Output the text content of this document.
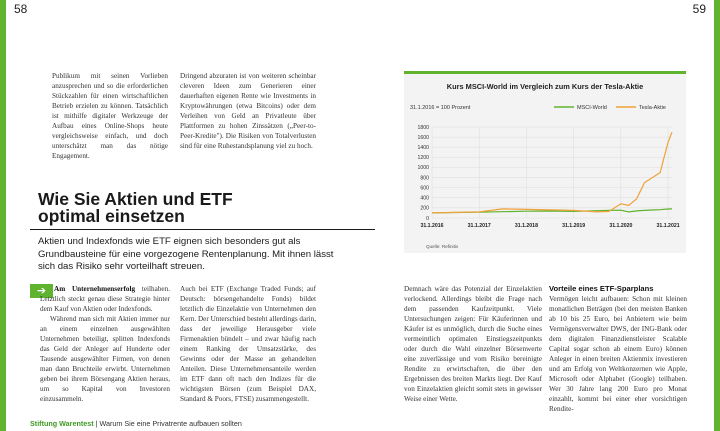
58	59

Publikum mit seinen Vorlieben anzusprechen und so die erforderlichen Stückzahlen für einen wirtschaftlichen Betrieb erzielen zu können. Tatsächlich ist mithilfe digitaler Werkzeuge der Aufbau eines Online-Shops heute vergleichsweise einfach, und doch unterschätzt man das nötige Engagement.

Dringend abzuraten ist von weiteren scheinbar cleveren Ideen zum Generieren einer dauerhaften eigenen Rente wie Investments in Kryptowährungen (etwa Bitcoins) oder dem Verleihen von Geld an Privatleute über Plattformen zu hohen Zinssätzen („Peer-to-Peer-Kredite"). Die Risiken von Totalverlusten sind für eine Ruhestandsplanung viel zu hoch.

Wie Sie Aktien und ETF
optimal einsetzen
Aktien und Indexfonds wie ETF eignen sich besonders gut als Grundbausteine für eine vorgezogene Rentenplanung. Mit ihnen lässt sich das Risiko sehr vorteilhaft streuen.
Kurs MSCI-World im Vergleich zum Kurs der Tesla-Aktie
31.1.2016 = 100 Prozent	MSCI-World	Tesla-Aktie
0
200
400
600
800
1000
1200
1400
1600
1800
31.1.2016	31.1.2017	31.1.2018	31.1.2019	31.1.2020	31.1.2021
Quelle: Refinitiv
➔	Am Unternehmenserfolg teilhaben. Letztlich steckt genau diese Strategie hinter dem Kauf von Aktien oder Indexfonds.

Während man sich mit Aktien immer nur an einem einzelnen ausgewählten Unternehmen beteiligt, splitten Indexfonds das Geld der Anleger auf Hunderte oder Tausende ausgewählter Firmen, von denen man dann Bruchteile erwirbt. Unternehmen geben bei ihrem Börsengang Aktien heraus, um so Kapital von Investoren einzusammeln.

Auch bei ETF (Exchange Traded Funds; auf Deutsch: börsengehandelte Fonds) bildet letztlich die Einzelaktie von Unternehmen den Kern. Der Unterschied besteht allerdings darin, dass der jeweilige Herausgeber viele Firmenaktien bündelt – und zwar häufig nach einem Ranking der Umsatzstärke, des Gewinns oder der Masse an gehandelten Anteilen. Diese Unternehmensanteile werden im ETF dann oft nach den Indizes für die wichtigsten Börsen (zum Beispiel DAX, Standard & Poors, FTSE) zusammengestellt.

Demnach wäre das Potenzial der Einzelaktien verlockend. Allerdings bleibt die Frage nach dem passenden Kaufzeitpunkt. Viele Untersuchungen zeigen: Für Käuferinnen und Käufer ist es unmöglich, durch die Suche eines vermeintlich optimalen Einstiegszeitpunkts oder durch die Wahl einzelner Börsenwerte eine zuverlässige und vom Risiko bereinigte Rendite zu erwirtschaften, die über den Ergebnissen des breiten Markts liegt. Der Kauf von Einzelaktien gleicht somit stets in gewisser Weise einer Wette.

Vorteile eines ETF-Sparplans

Vermögen leicht aufbauen: Schon mit kleinen monatlichen Beträgen (bei den meisten Banken ab 10 bis 25 Euro, bei Anbietern wie beim Vermögensverwalter DWS, der ING-Bank oder dem digitalen Finanzdienstleister Scalable Capital sogar schon ab einem Euro) können Anleger in einen breiten Aktienmix investieren und am Erfolg von Weltkonzernen wie Apple, Microsoft oder Alphabet (Google) teilhaben. Wer 30 Jahre lang 200 Euro pro Monat einzahlt, kommt bei einer eher vorsichtigen Rendite-

Stiftung Warentest | Warum Sie eine Privatrente aufbauen sollten
